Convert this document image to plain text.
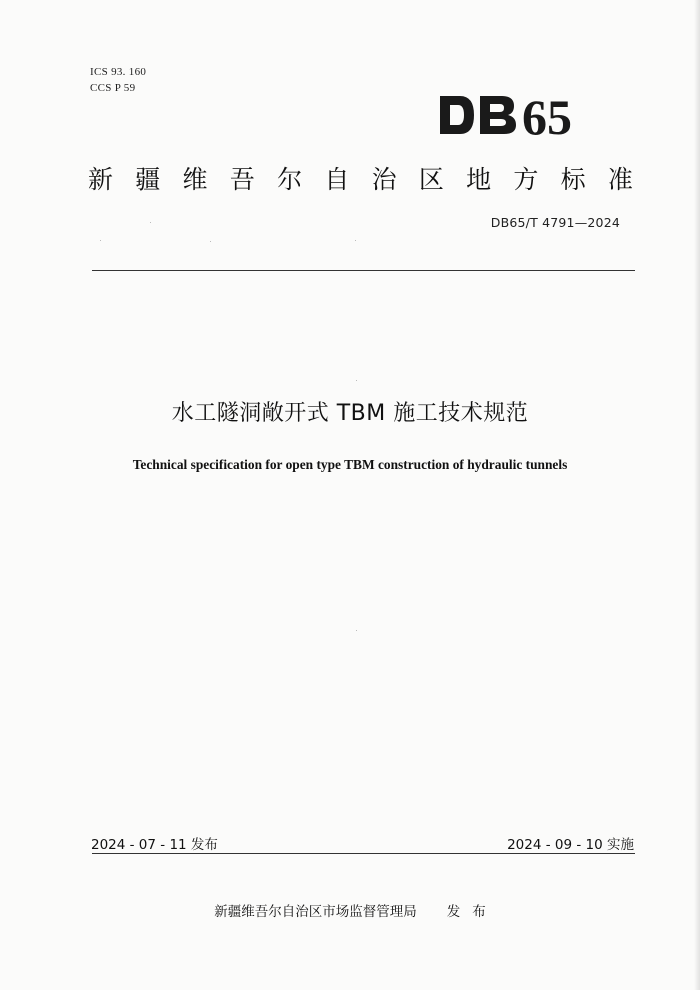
ICS 93. 160
CCS P 59
65
新 疆 维 吾 尔 自 治 区 地 方 标 准
DB65/T 4791—2024
水工隧洞敞开式 TBM 施工技术规范
Technical specification for open type TBM construction of hydraulic tunnels
2024 - 07 - 11 发布	2024 - 09 - 10 实施
新疆维吾尔自治区市场监督管理局 发 布
